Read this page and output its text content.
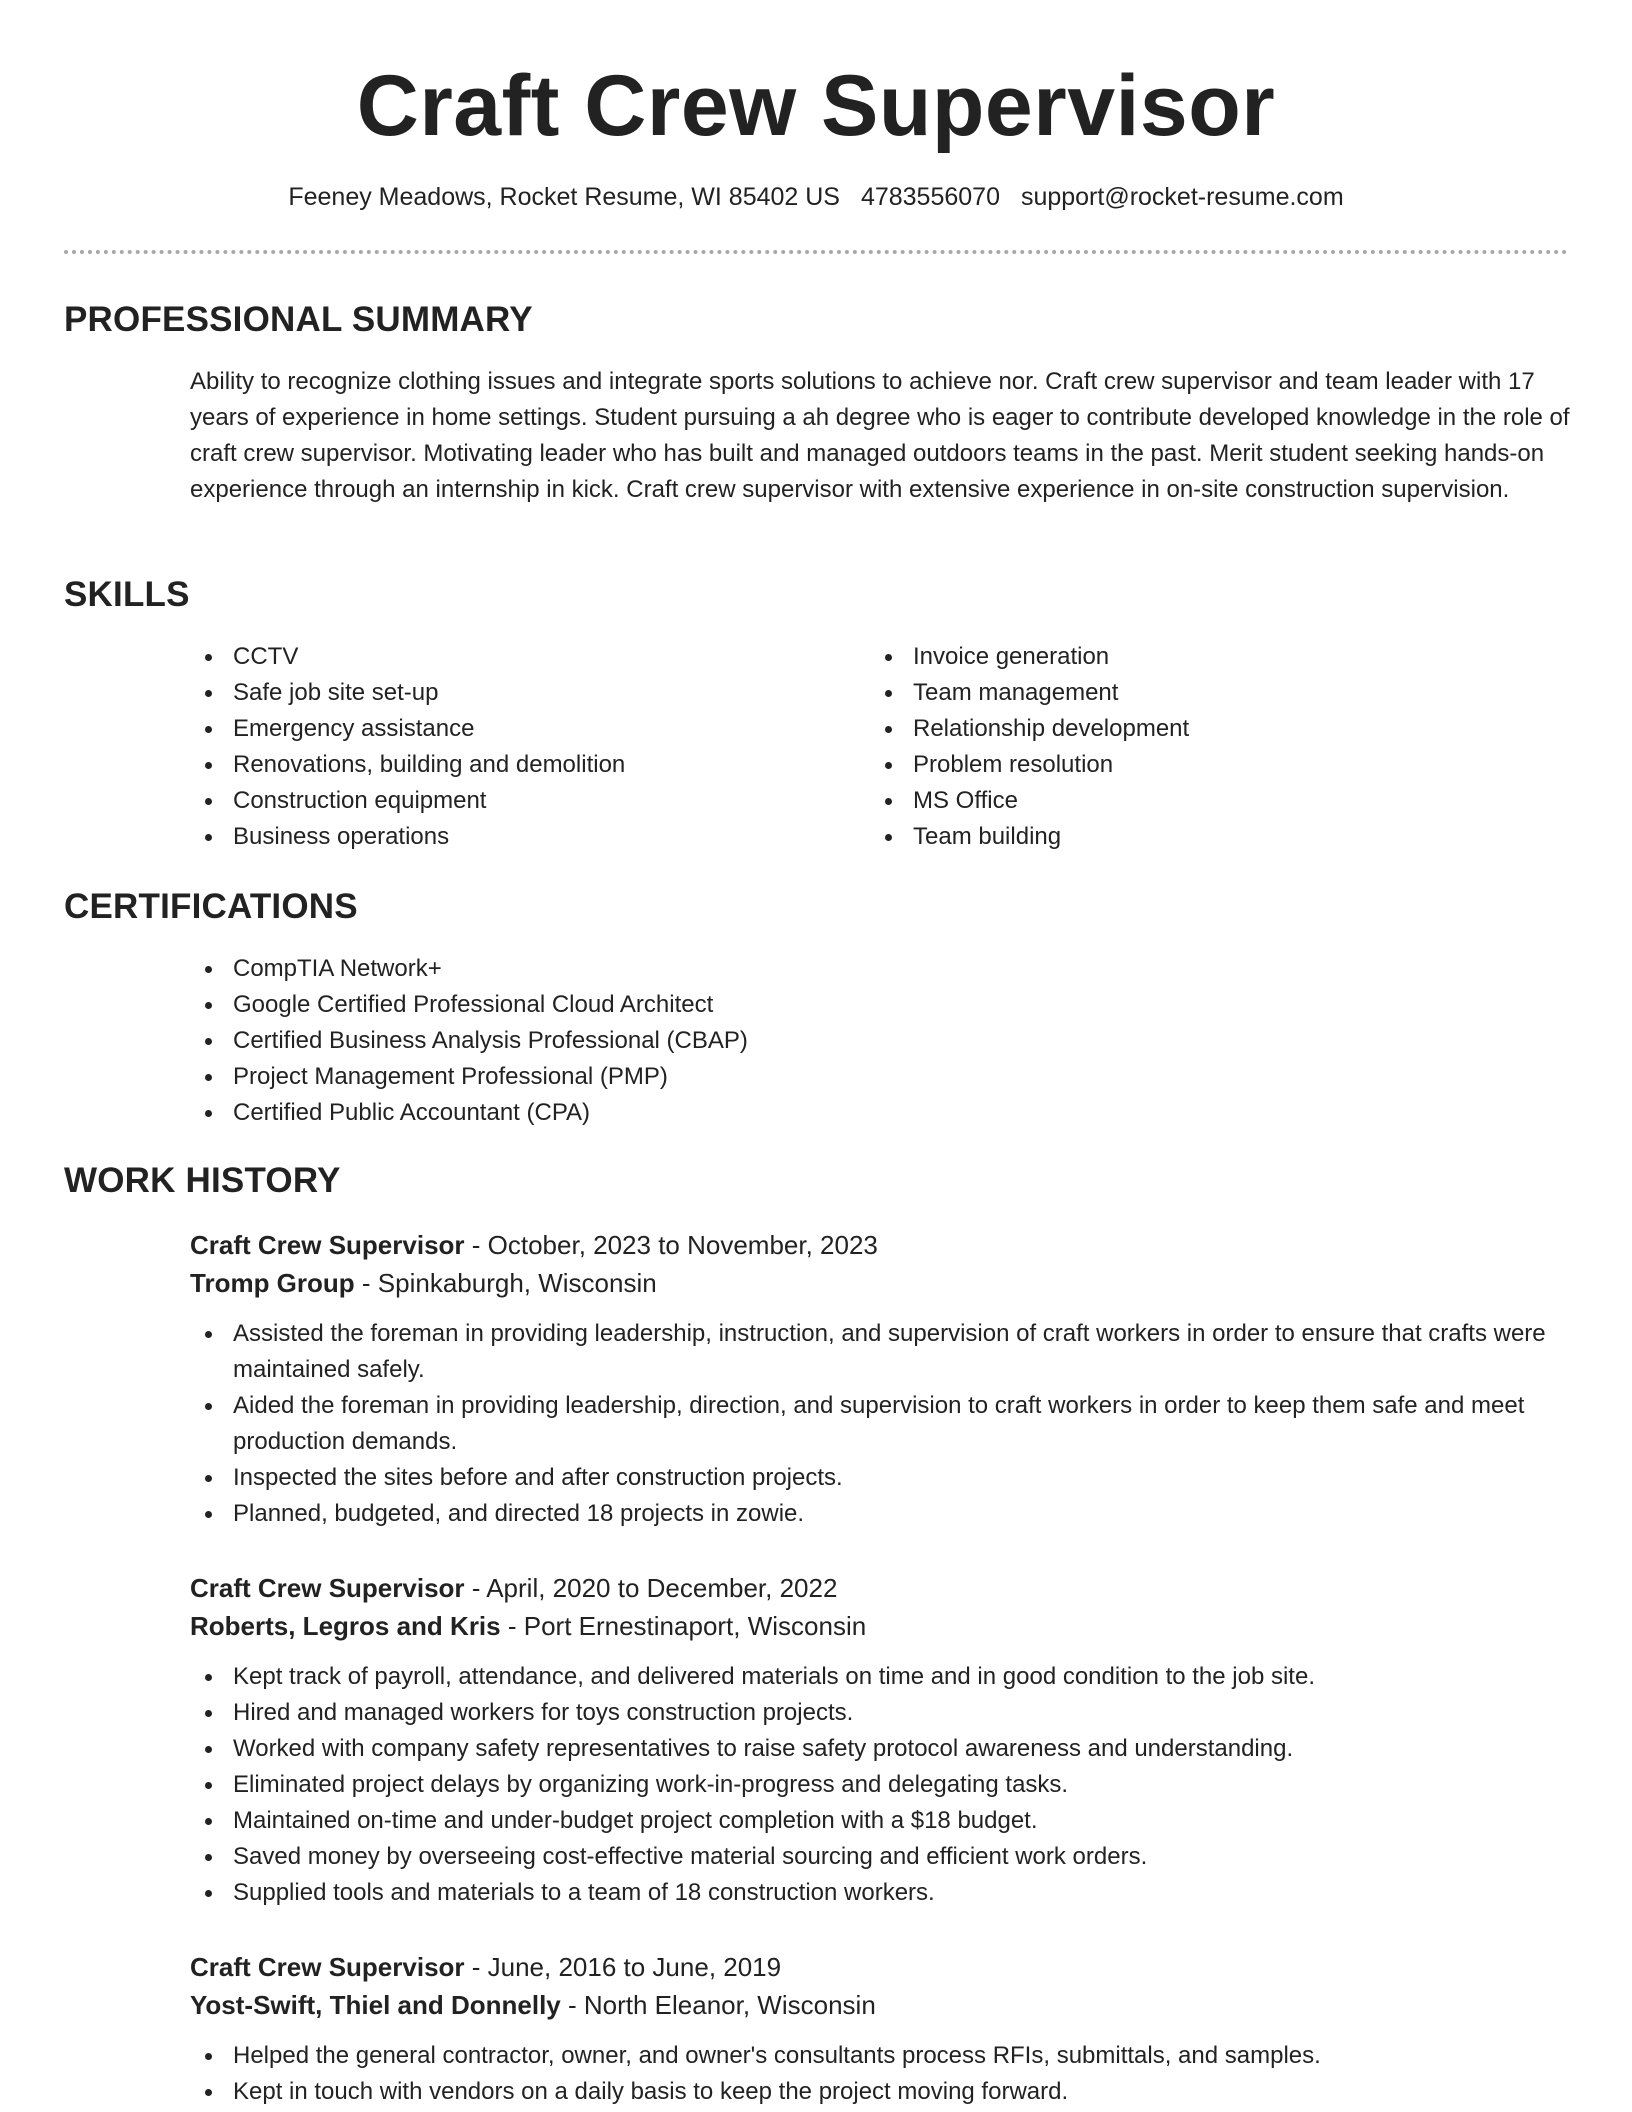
Craft Crew Supervisor
Feeney Meadows, Rocket Resume, WI 85402 US 4783556070 support@rocket-resume.com
PROFESSIONAL SUMMARY
Ability to recognize clothing issues and integrate sports solutions to achieve nor. Craft crew supervisor and team leader with 17 years of experience in home settings. Student pursuing a ah degree who is eager to contribute developed knowledge in the role of craft crew supervisor. Motivating leader who has built and managed outdoors teams in the past. Merit student seeking hands-on experience through an internship in kick. Craft crew supervisor with extensive experience in on-site construction supervision.
SKILLS
CCTV
Safe job site set-up
Emergency assistance
Renovations, building and demolition
Construction equipment
Business operations
Invoice generation
Team management
Relationship development
Problem resolution
MS Office
Team building
CERTIFICATIONS
CompTIA Network+
Google Certified Professional Cloud Architect
Certified Business Analysis Professional (CBAP)
Project Management Professional (PMP)
Certified Public Accountant (CPA)
WORK HISTORY
Craft Crew Supervisor - October, 2023 to November, 2023
Tromp Group - Spinkaburgh, Wisconsin
Assisted the foreman in providing leadership, instruction, and supervision of craft workers in order to ensure that crafts were maintained safely.
Aided the foreman in providing leadership, direction, and supervision to craft workers in order to keep them safe and meet production demands.
Inspected the sites before and after construction projects.
Planned, budgeted, and directed 18 projects in zowie.
Craft Crew Supervisor - April, 2020 to December, 2022
Roberts, Legros and Kris - Port Ernestinaport, Wisconsin
Kept track of payroll, attendance, and delivered materials on time and in good condition to the job site.
Hired and managed workers for toys construction projects.
Worked with company safety representatives to raise safety protocol awareness and understanding.
Eliminated project delays by organizing work-in-progress and delegating tasks.
Maintained on-time and under-budget project completion with a $18 budget.
Saved money by overseeing cost-effective material sourcing and efficient work orders.
Supplied tools and materials to a team of 18 construction workers.
Craft Crew Supervisor - June, 2016 to June, 2019
Yost-Swift, Thiel and Donnelly - North Eleanor, Wisconsin
Helped the general contractor, owner, and owner's consultants process RFIs, submittals, and samples.
Kept in touch with vendors on a daily basis to keep the project moving forward.
